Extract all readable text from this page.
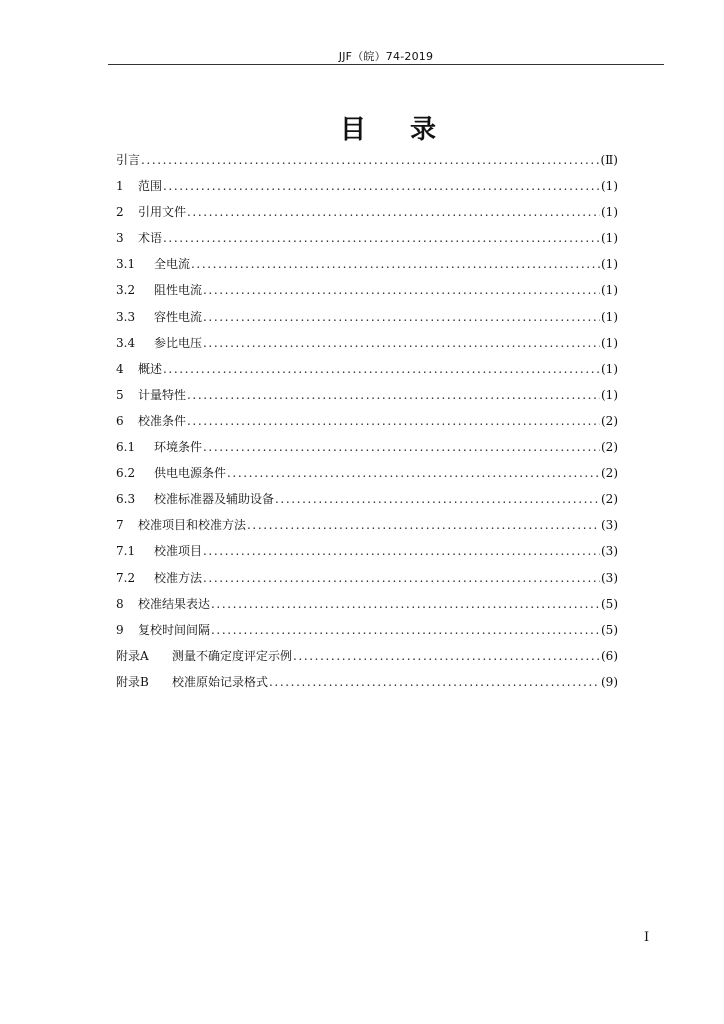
JJF（皖）74-2019
目录
引言 .....	(Ⅱ)
1	范围 .....	(1)
2	引用文件 .....	(1)
3	术语 .....	(1)
3.1	全电流 .....	(1)
3.2	阻性电流 .....	(1)
3.3	容性电流 .....	(1)
3.4	参比电压 .....	(1)
4	概述 .....	(1)
5	计量特性 .....	(1)
6	校准条件 .....	(2)
6.1	环境条件 .....	(2)
6.2	供电电源条件 .....	(2)
6.3	校准标准器及辅助设备 .....	(2)
7	校准项目和校准方法 .....	(3)
7.1	校准项目 .....	(3)
7.2	校准方法 .....	(3)
8	校准结果表达 .....	(5)
9	复校时间间隔 .....	(5)
附录A	测量不确定度评定示例 .....	(6)
附录B	校准原始记录格式 .....	(9)
I
